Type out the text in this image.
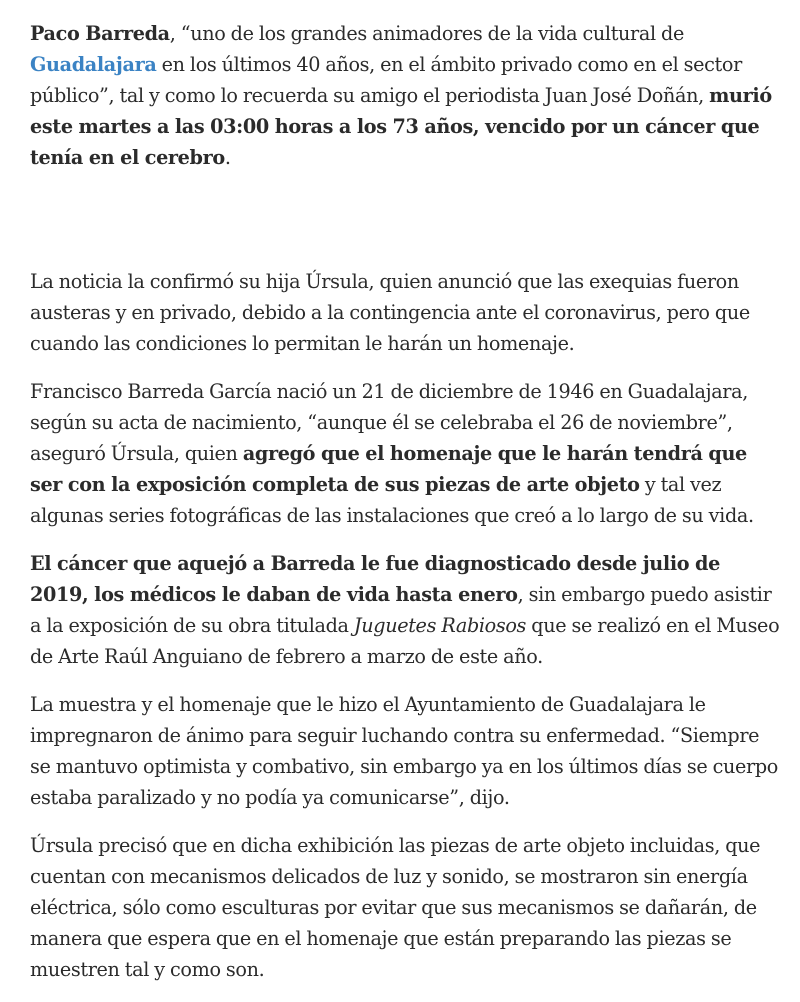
Paco Barreda, “uno de los grandes animadores de la vida cultural de Guadalajara en los últimos 40 años, en el ámbito privado como en el sector público”, tal y como lo recuerda su amigo el periodista Juan José Doñán, murió este martes a las 03:00 horas a los 73 años, vencido por un cáncer que tenía en el cerebro.

La noticia la confirmó su hija Úrsula, quien anunció que las exequias fueron austeras y en privado, debido a la contingencia ante el coronavirus, pero que cuando las condiciones lo permitan le harán un homenaje.

Francisco Barreda García nació un 21 de diciembre de 1946 en Guadalajara, según su acta de nacimiento, “aunque él se celebraba el 26 de noviembre”, aseguró Úrsula, quien agregó que el homenaje que le harán tendrá que ser con la exposición completa de sus piezas de arte objeto y tal vez algunas series fotográficas de las instalaciones que creó a lo largo de su vida.

El cáncer que aquejó a Barreda le fue diagnosticado desde julio de 2019, los médicos le daban de vida hasta enero, sin embargo puedo asistir a la exposición de su obra titulada Juguetes Rabiosos que se realizó en el Museo de Arte Raúl Anguiano de febrero a marzo de este año.

La muestra y el homenaje que le hizo el Ayuntamiento de Guadalajara le impregnaron de ánimo para seguir luchando contra su enfermedad. “Siempre se mantuvo optimista y combativo, sin embargo ya en los últimos días se cuerpo estaba paralizado y no podía ya comunicarse”, dijo.

Úrsula precisó que en dicha exhibición las piezas de arte objeto incluidas, que cuentan con mecanismos delicados de luz y sonido, se mostraron sin energía eléctrica, sólo como esculturas por evitar que sus mecanismos se dañarán, de manera que espera que en el homenaje que están preparando las piezas se muestren tal y como son.
